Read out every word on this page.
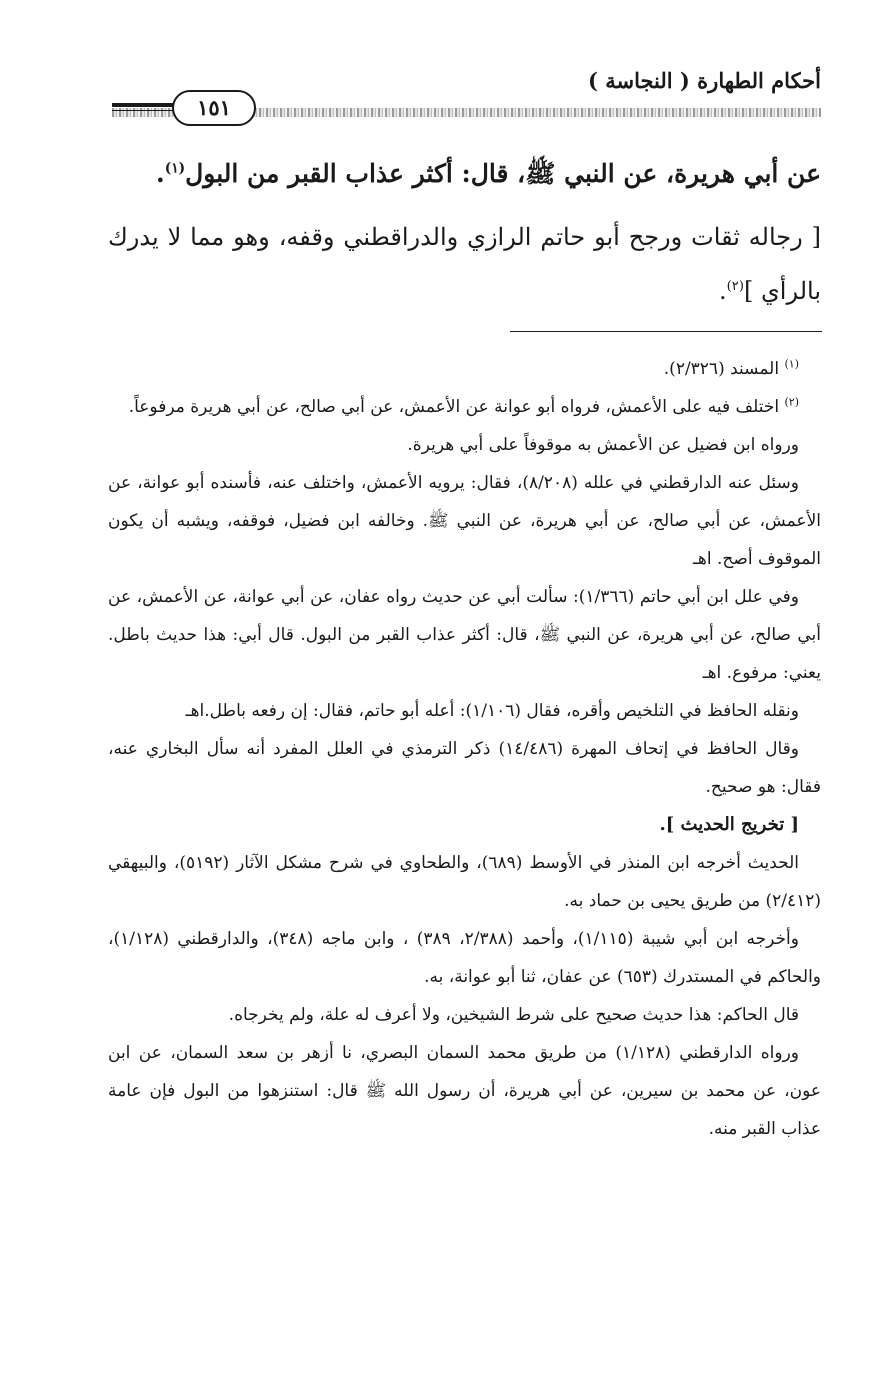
أحكام الطهارة ( النجاسة )
١٥١
عن أبي هريرة، عن النبي ﷺ، قال: أكثر عذاب القبر من البول$^{(١)}$.
[ رجاله ثقات ورجح أبو حاتم الرازي والدراقطني وقفه، وهو مما لا يدرك بالرأي ]$^{(٢)}$.

$^{(١)}$ المسند (٢/٣٢٦).

$^{(٢)}$ اختلف فيه على الأعمش، فرواه أبو عوانة عن الأعمش، عن أبي صالح، عن أبي هريرة مرفوعاً.

ورواه ابن فضيل عن الأعمش به موقوفاً على أبي هريرة.

وسئل عنه الدارقطني في علله (٨/٢٠٨)، فقال: يرويه الأعمش، واختلف عنه، فأسنده أبو عوانة، عن الأعمش، عن أبي صالح، عن أبي هريرة، عن النبي ﷺ. وخالفه ابن فضيل، فوقفه، ويشبه أن يكون الموقوف أصح. اهـ

وفي علل ابن أبي حاتم (١/٣٦٦): سألت أبي عن حديث رواه عفان، عن أبي عوانة، عن الأعمش، عن أبي صالح، عن أبي هريرة، عن النبي ﷺ، قال: أكثر عذاب القبر من البول. قال أبي: هذا حديث باطل. يعني: مرفوع. اهـ

ونقله الحافظ في التلخيص وأقره، فقال (١/١٠٦): أعله أبو حاتم، فقال: إن رفعه باطل.اهـ

وقال الحافظ في إتحاف المهرة (١٤/٤٨٦) ذكر الترمذي في العلل المفرد أنه سأل البخاري عنه، فقال: هو صحيح.

[ تخريج الحديث ].

الحديث أخرجه ابن المنذر في الأوسط (٦٨٩)، والطحاوي في شرح مشكل الآثار (٥١٩٢)، والبيهقي (٢/٤١٢) من طريق يحيى بن حماد به.

وأخرجه ابن أبي شيبة (١/١١٥)، وأحمد (٢/٣٨٨، ٣٨٩) ، وابن ماجه (٣٤٨)، والدارقطني (١/١٢٨)، والحاكم في المستدرك (٦٥٣) عن عفان، ثنا أبو عوانة، به.

قال الحاكم: هذا حديث صحيح على شرط الشيخين، ولا أعرف له علة، ولم يخرجاه.

ورواه الدارقطني (١/١٢٨) من طريق محمد السمان البصري، نا أزهر بن سعد السمان، عن ابن عون، عن محمد بن سيرين، عن أبي هريرة، أن رسول الله ﷺ قال: استنزهوا من البول فإن عامة عذاب القبر منه.
